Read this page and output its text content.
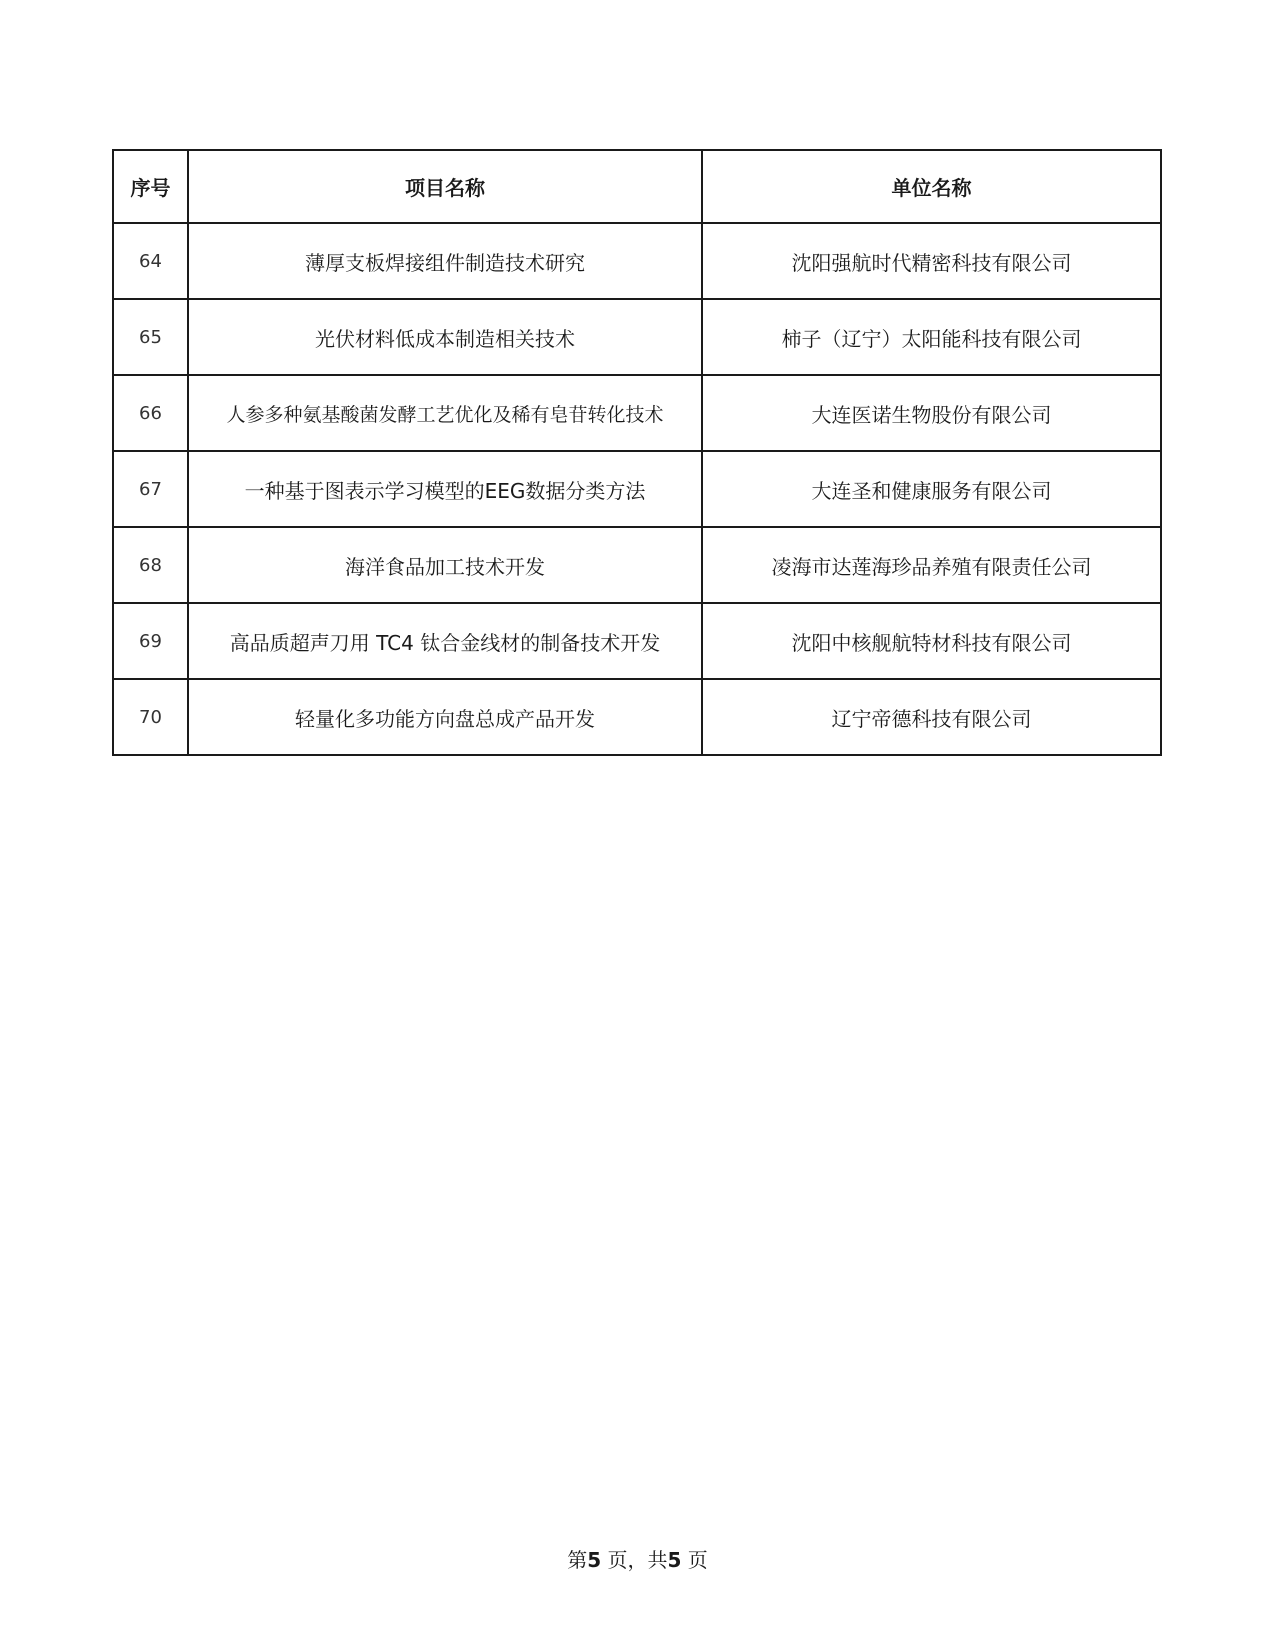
序号	项目名称	单位名称
64	薄厚支板焊接组件制造技术研究	沈阳强航时代精密科技有限公司
65	光伏材料低成本制造相关技术	柿子（辽宁）太阳能科技有限公司
66	人参多种氨基酸菌发酵工艺优化及稀有皂苷转化技术	大连医诺生物股份有限公司
67	一种基于图表示学习模型的EEG数据分类方法	大连圣和健康服务有限公司
68	海洋食品加工技术开发	凌海市达莲海珍品养殖有限责任公司
69	高品质超声刀用 TC4 钛合金线材的制备技术开发	沈阳中核舰航特材科技有限公司
70	轻量化多功能方向盘总成产品开发	辽宁帝德科技有限公司
第5 页，共5 页
